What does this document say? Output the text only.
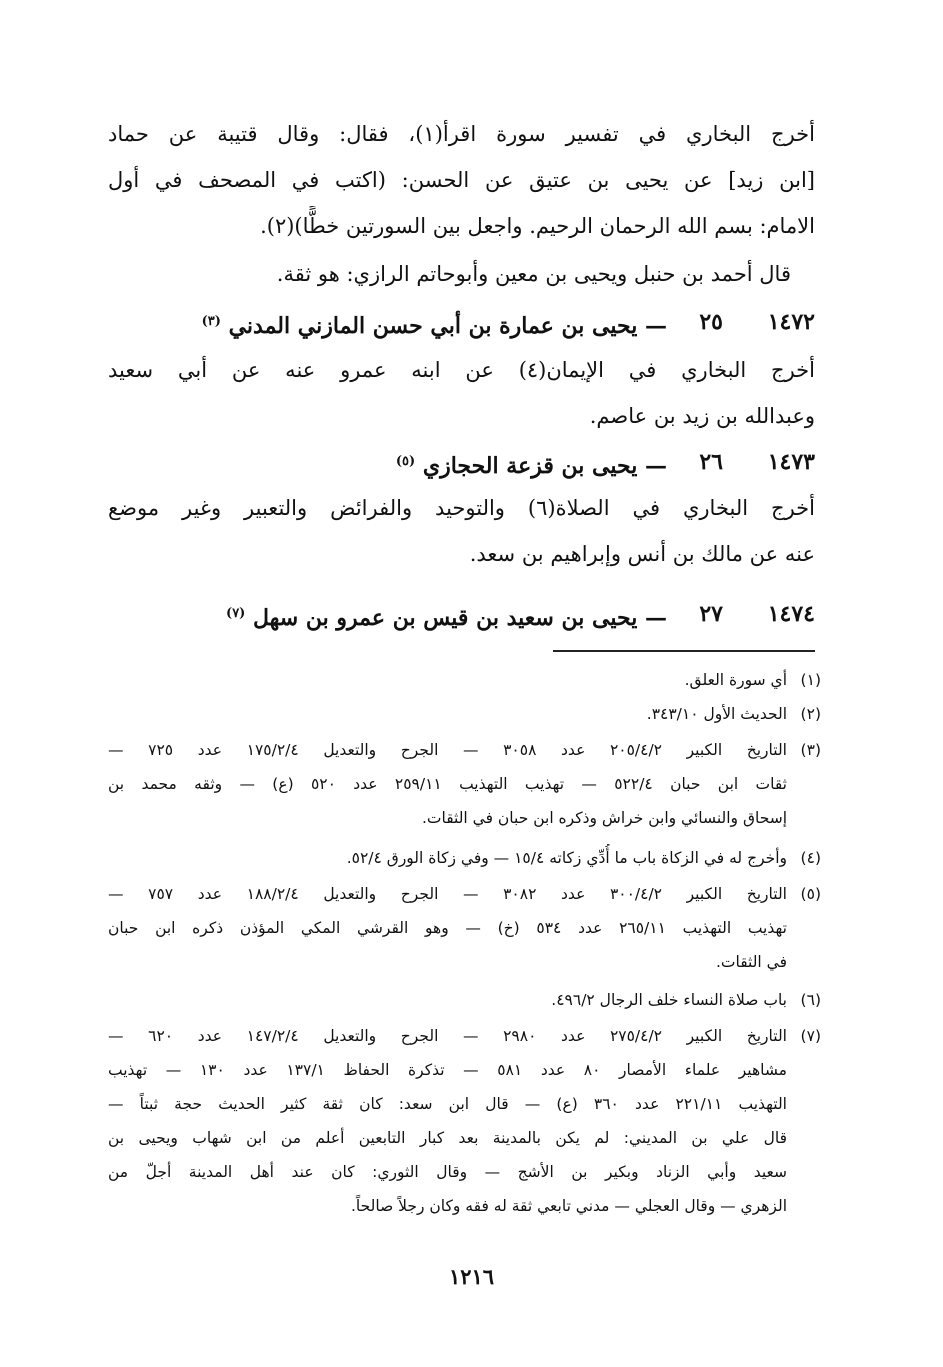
أخرج البخاري في تفسير سورة اقرأ(١)، فقال: وقال قتيبة عن حماد
[ابن زيد] عن يحيى بن عتيق عن الحسن: (اكتب في المصحف في أول
الامام: بسم الله الرحمان الرحيم. واجعل بين السورتين خطًّا)(٢).
قال أحمد بن حنبل ويحيى بن معين وأبوحاتم الرازي: هو ثقة.
١٤٧٢
٢٥
— يحيى بن عمارة بن أبي حسن المازني المدني $^{(٣)}$
أخرج البخاري في الإيمان(٤) عن ابنه عمرو عنه عن أبي سعيد
وعبدالله بن زيد بن عاصم.
١٤٧٣
٢٦
— يحيى بن قزعة الحجازي $^{(٥)}$
أخرج البخاري في الصلاة(٦) والتوحيد والفرائض والتعبير وغير موضع
عنه عن مالك بن أنس وإبراهيم بن سعد.
١٤٧٤
٢٧
— يحيى بن سعيد بن قيس بن عمرو بن سهل $^{(٧)}$
(١)
أي سورة العلق.
(٢)
الحديث الأول ٣٤٣/١٠.
(٣)
التاريخ الكبير ٢٠٥/٤/٢ عدد ٣٠٥٨ — الجرح والتعديل ١٧٥/٢/٤ عدد ٧٢٥ —
ثقات ابن حبان ٥٢٢/٤ — تهذيب التهذيب ٢٥٩/١١ عدد ٥٢٠ (ع) — وثقه محمد بن
إسحاق والنسائي وابن خراش وذكره ابن حبان في الثقات.
(٤)
وأخرج له في الزكاة باب ما أُدِّي زكاته ١٥/٤ — وفي زكاة الورق ٥٢/٤.
(٥)
التاريخ الكبير ٣٠٠/٤/٢ عدد ٣٠٨٢ — الجرح والتعديل ١٨٨/٢/٤ عدد ٧٥٧ —
تهذيب التهذيب ٢٦٥/١١ عدد ٥٣٤ (خ) — وهو القرشي المكي المؤذن ذكره ابن حبان
في الثقات.
(٦)
باب صلاة النساء خلف الرجال ٤٩٦/٢.
(٧)
التاريخ الكبير ٢٧٥/٤/٢ عدد ٢٩٨٠ — الجرح والتعديل ١٤٧/٢/٤ عدد ٦٢٠ —
مشاهير علماء الأمصار ٨٠ عدد ٥٨١ — تذكرة الحفاظ ١٣٧/١ عدد ١٣٠ — تهذيب
التهذيب ٢٢١/١١ عدد ٣٦٠ (ع) — قال ابن سعد: كان ثقة كثير الحديث حجة ثبتاً —
قال علي بن المديني: لم يكن بالمدينة بعد كبار التابعين أعلم من ابن شهاب ويحيى بن
سعيد وأبي الزناد وبكير بن الأشج — وقال الثوري: كان عند أهل المدينة أجلّ من
الزهري — وقال العجلي — مدني تابعي ثقة له فقه وكان رجلاً صالحاً.
١٢١٦
